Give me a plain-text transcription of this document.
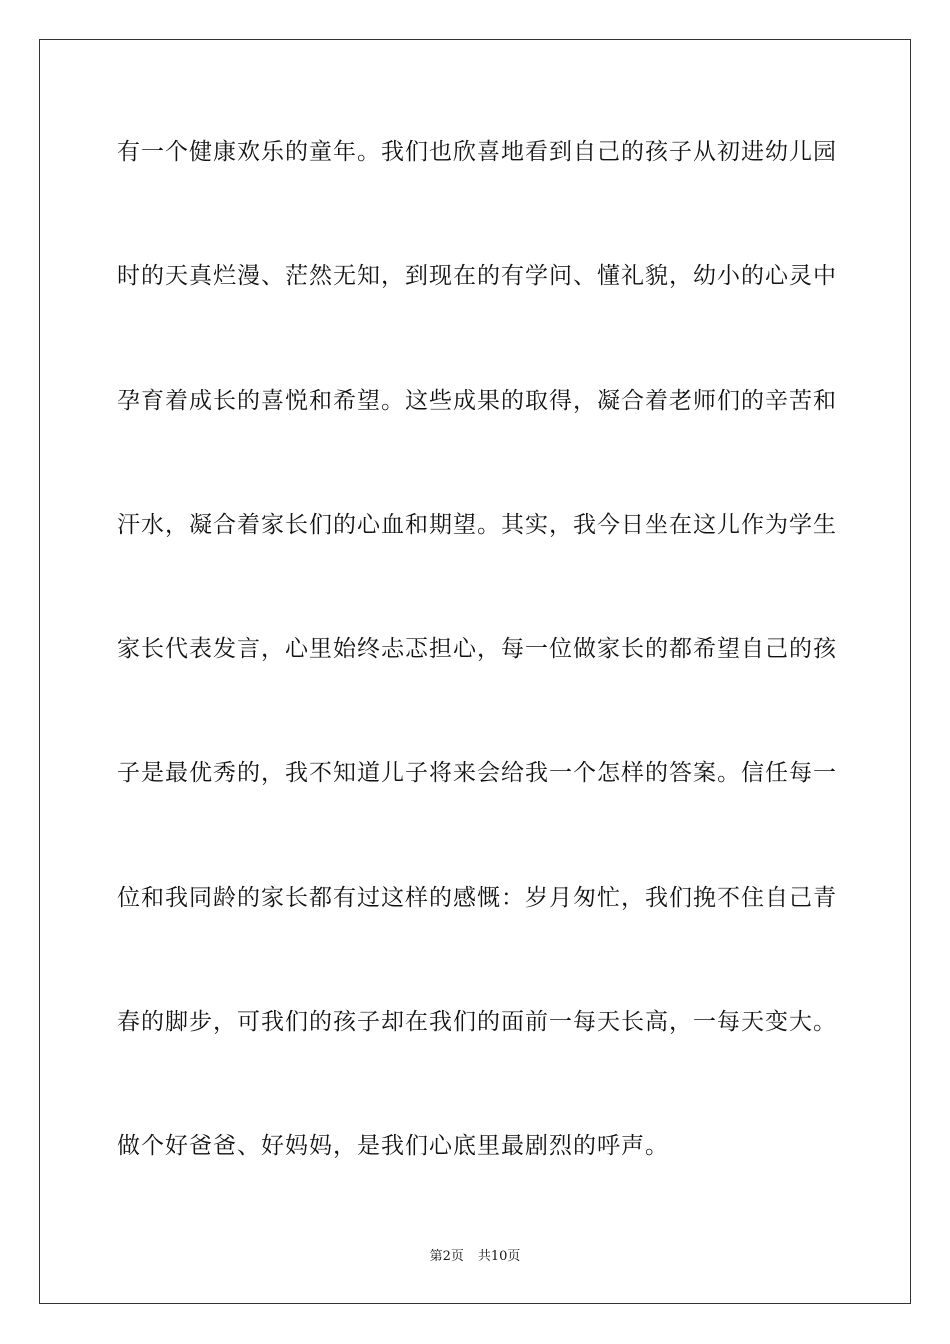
有一个健康欢乐的童年。我们也欣喜地看到自己的孩子从初进幼儿园
时的天真烂漫、茫然无知，到现在的有学问、懂礼貌，幼小的心灵中
孕育着成长的喜悦和希望。这些成果的取得，凝合着老师们的辛苦和
汗水，凝合着家长们的心血和期望。其实，我今日坐在这儿作为学生
家长代表发言，心里始终忐忑担心，每一位做家长的都希望自己的孩
子是最优秀的，我不知道儿子将来会给我一个怎样的答案。信任每一
位和我同龄的家长都有过这样的感慨：岁月匆忙，我们挽不住自己青
春的脚步，可我们的孩子却在我们的面前一每天长高，一每天变大。
做个好爸爸、好妈妈，是我们心底里最剧烈的呼声。
第2页 共10页
